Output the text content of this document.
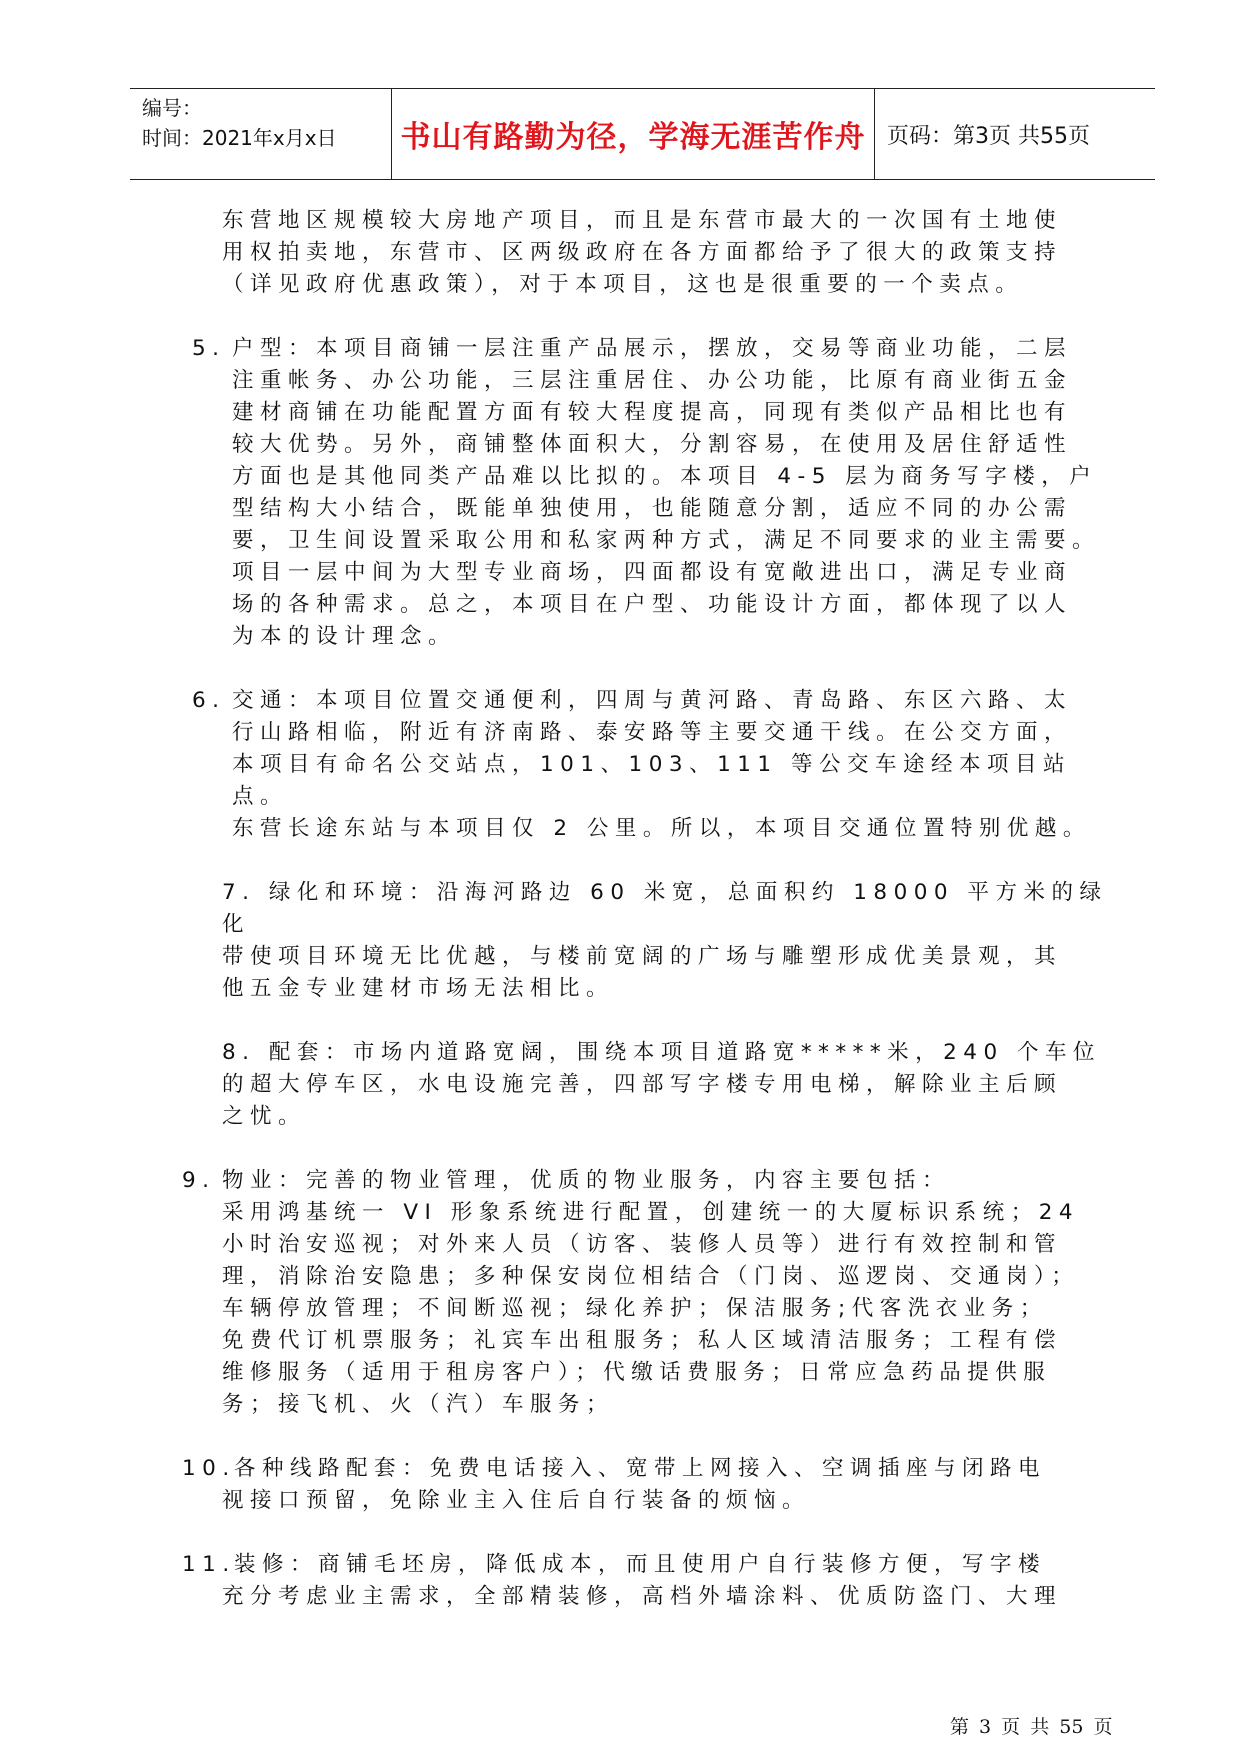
编号：
时间：2021年x月x日	书山有路勤为径，学海无涯苦作舟 页码：第3页 共55页
东营地区规模较大房地产项目，而且是东营市最大的一次国有土地使
用权拍卖地，东营市、区两级政府在各方面都给予了很大的政策支持
（详见政府优惠政策），对于本项目，这也是很重要的一个卖点。
5. 户型：本项目商铺一层注重产品展示，摆放，交易等商业功能，二层
注重帐务、办公功能，三层注重居住、办公功能，比原有商业街五金
建材商铺在功能配置方面有较大程度提高，同现有类似产品相比也有
较大优势。另外，商铺整体面积大，分割容易，在使用及居住舒适性
方面也是其他同类产品难以比拟的。本项目 4-5 层为商务写字楼，户
型结构大小结合，既能单独使用，也能随意分割，适应不同的办公需
要，卫生间设置采取公用和私家两种方式，满足不同要求的业主需要。
项目一层中间为大型专业商场，四面都设有宽敞进出口，满足专业商
场的各种需求。总之，本项目在户型、功能设计方面，都体现了以人
为本的设计理念。
6. 交通：本项目位置交通便利，四周与黄河路、青岛路、东区六路、太
行山路相临，附近有济南路、泰安路等主要交通干线。在公交方面，
本项目有命名公交站点，101、103、111 等公交车途经本项目站点。
东营长途东站与本项目仅 2 公里。所以，本项目交通位置特别优越。
7. 绿化和环境：沿海河路边 60 米宽，总面积约 18000 平方米的绿化
带使项目环境无比优越，与楼前宽阔的广场与雕塑形成优美景观，其
他五金专业建材市场无法相比。
8. 配套：市场内道路宽阔，围绕本项目道路宽*****米，240 个车位
的超大停车区，水电设施完善，四部写字楼专用电梯，解除业主后顾
之忧。
9. 物业：完善的物业管理，优质的物业服务，内容主要包括：
采用鸿基统一 VI 形象系统进行配置，创建统一的大厦标识系统；24
小时治安巡视；对外来人员（访客、装修人员等）进行有效控制和管
理，消除治安隐患；多种保安岗位相结合（门岗、巡逻岗、交通岗）；
车辆停放管理；不间断巡视；绿化养护；保洁服务;代客洗衣业务；
免费代订机票服务；礼宾车出租服务；私人区域清洁服务；工程有偿
维修服务（适用于租房客户）；代缴话费服务；日常应急药品提供服
务；接飞机、火（汽）车服务；
10.
各种线路配套：免费电话接入、宽带上网接入、空调插座与闭路电
视接口预留，免除业主入住后自行装备的烦恼。
11.
装修：商铺毛坯房，降低成本，而且使用户自行装修方便，写字楼
充分考虑业主需求，全部精装修，高档外墙涂料、优质防盗门、大理
第 3 页 共 55 页
